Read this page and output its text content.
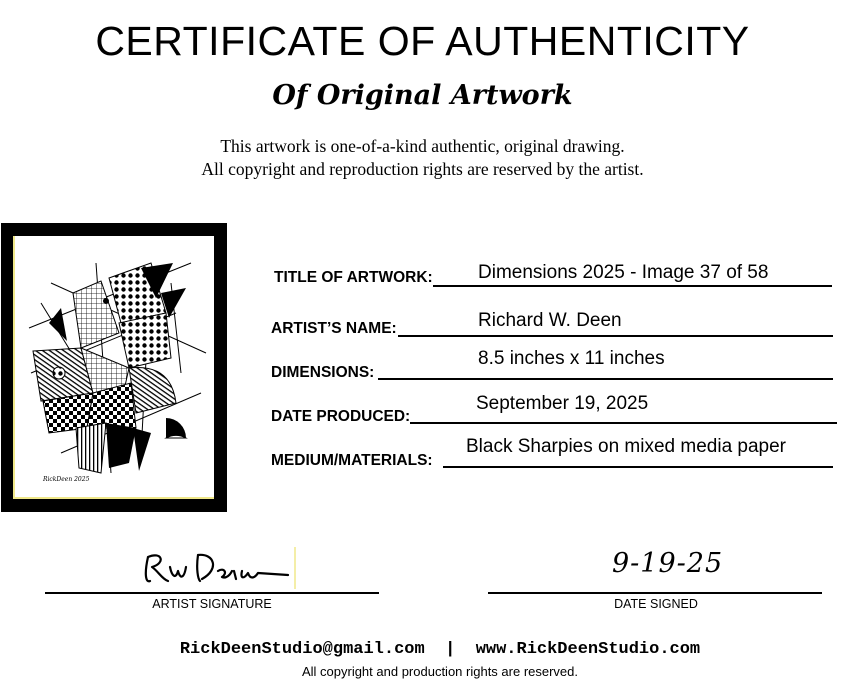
CERTIFICATE OF AUTHENTICITY
Of Original Artwork
This artwork is one-of-a-kind authentic, original drawing.
All copyright and reproduction rights are reserved by the artist.
RickDeen 2025
TITLE OF ARTWORK: Dimensions 2025 - Image 37 of 58
ARTIST’S NAME:	Richard W. Deen
DIMENSIONS:
8.5 inches x 11 inches
DATE PRODUCED:
September 19, 2025
MEDIUM/MATERIALS:
Black Sharpies on mixed media paper
ARTIST SIGNATURE
9-19-25
DATE SIGNED
RickDeenStudio@gmail.com  |  www.RickDeenStudio.com
All copyright and production rights are reserved.
